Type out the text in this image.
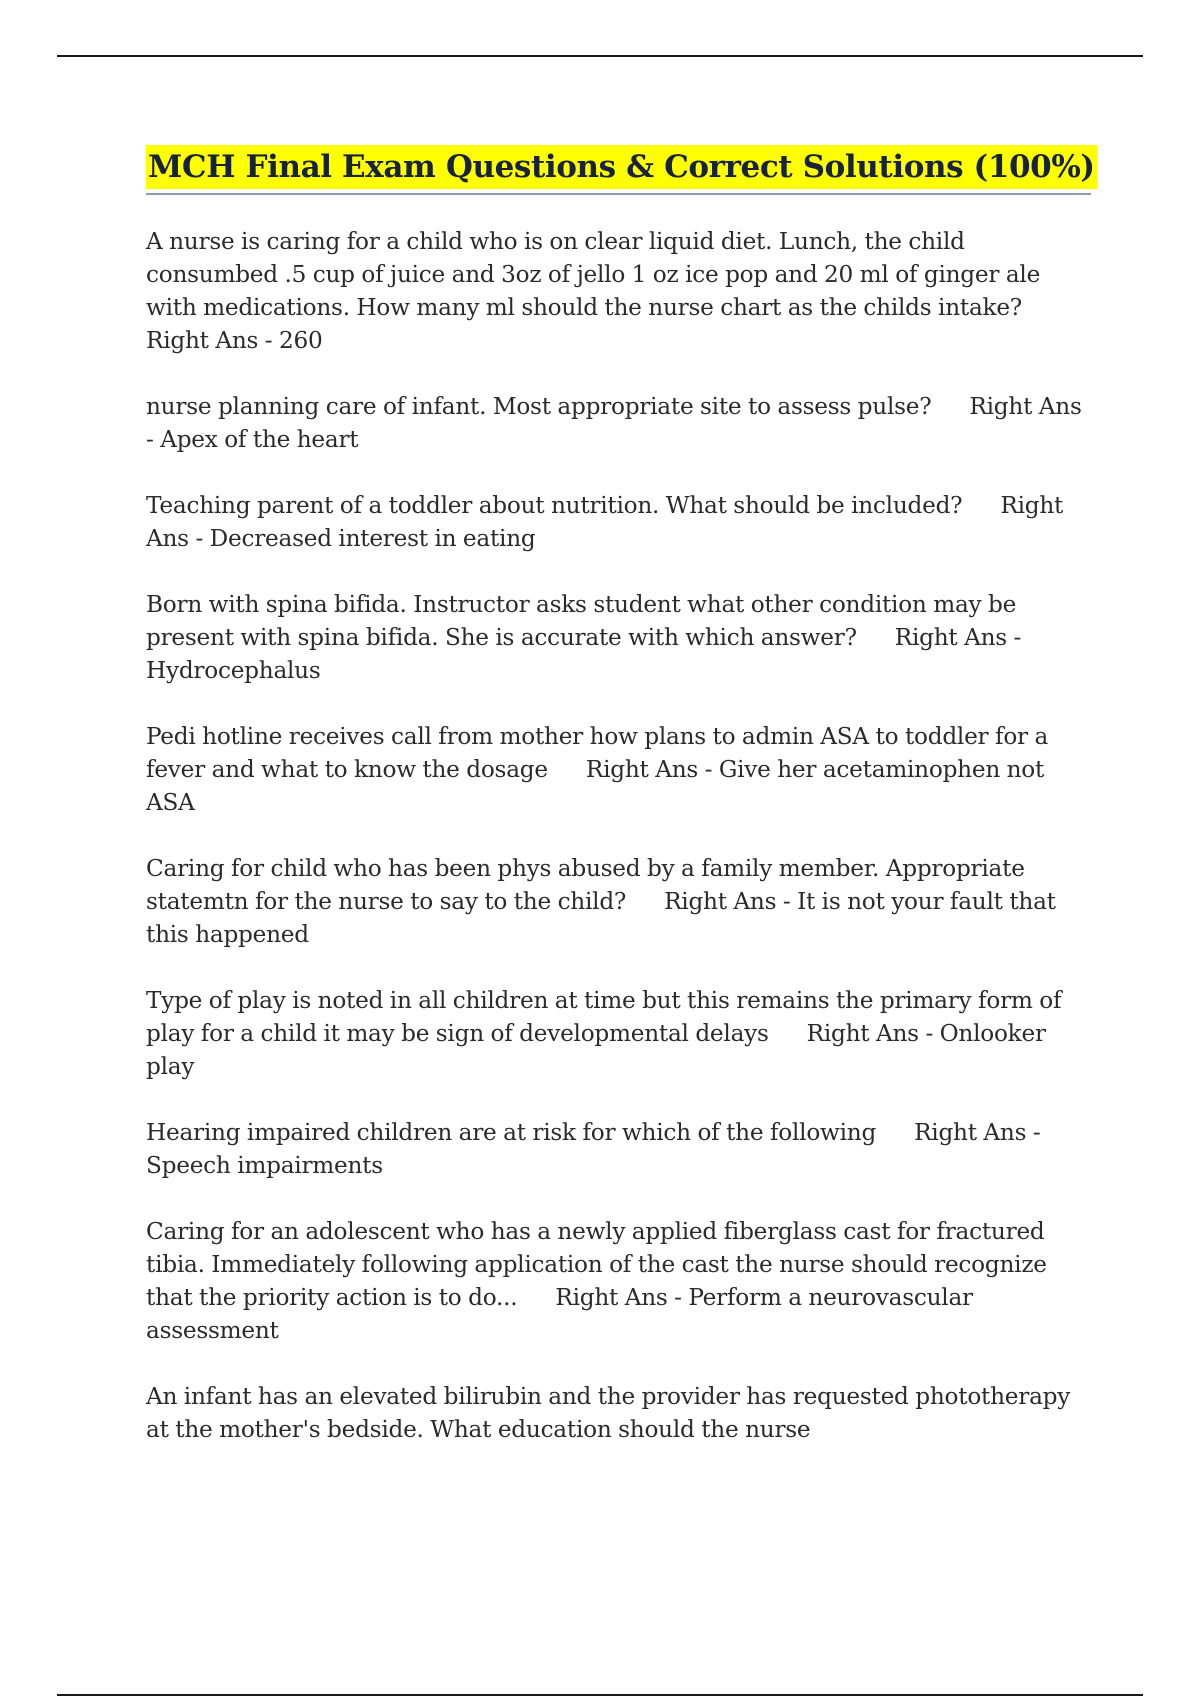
MCH Final Exam Questions & Correct Solutions (100%)

A nurse is caring for a child who is on clear liquid diet. Lunch, the child consumbed .5 cup of juice and 3oz of jello 1 oz ice pop and 20 ml of ginger ale with medications. How many ml should the nurse chart as the childs intake? Right Ans - 260

nurse planning care of infant. Most appropriate site to assess pulse? Right Ans - Apex of the heart

Teaching parent of a toddler about nutrition. What should be included? Right Ans - Decreased interest in eating

Born with spina bifida. Instructor asks student what other condition may be present with spina bifida. She is accurate with which answer? Right Ans - Hydrocephalus

Pedi hotline receives call from mother how plans to admin ASA to toddler for a fever and what to know the dosage Right Ans - Give her acetaminophen not ASA

Caring for child who has been phys abused by a family member. Appropriate statemtn for the nurse to say to the child? Right Ans - It is not your fault that this happened

Type of play is noted in all children at time but this remains the primary form of play for a child it may be sign of developmental delays Right Ans - Onlooker play

Hearing impaired children are at risk for which of the following Right Ans - Speech impairments

Caring for an adolescent who has a newly applied fiberglass cast for fractured tibia. Immediately following application of the cast the nurse should recognize that the priority action is to do... Right Ans - Perform a neurovascular assessment

An infant has an elevated bilirubin and the provider has requested phototherapy at the mother's bedside. What education should the nurse
